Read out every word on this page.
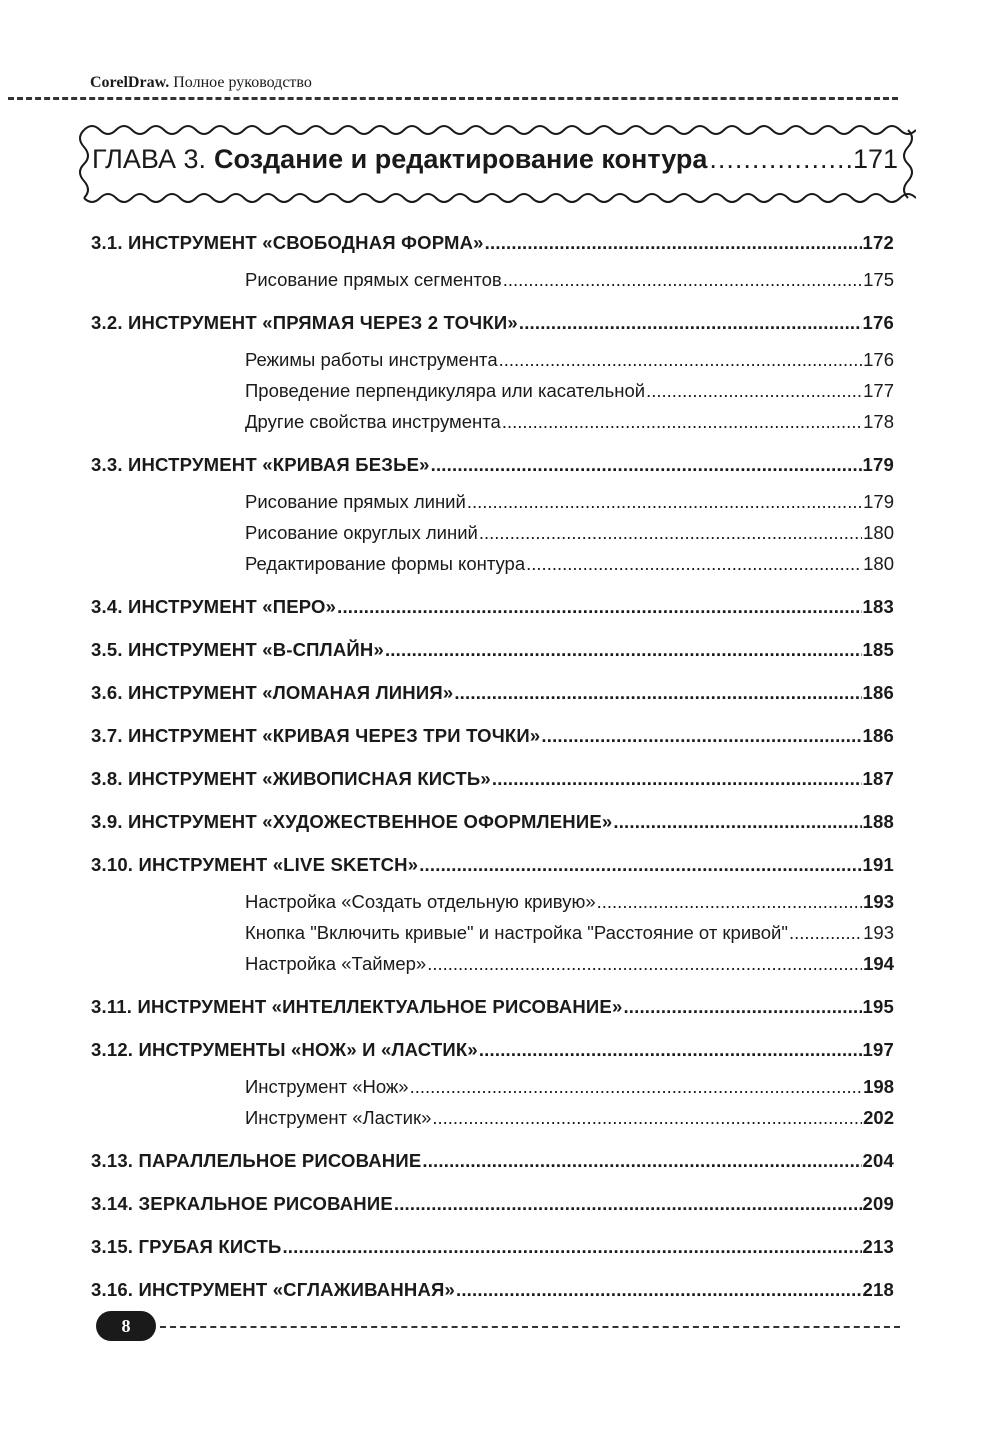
CorelDraw. Полное руководство
ГЛАВА 3. Создание и редактирование контура .....	171
3.1. ИНСТРУМЕНТ «СВОБОДНАЯ ФОРМА» .....	172
Рисование прямых сегментов .....	175
3.2. ИНСТРУМЕНТ «ПРЯМАЯ ЧЕРЕЗ 2 ТОЧКИ» .....	176
Режимы работы инструмента .....	176
Проведение перпендикуляра или касательной .....	177
Другие свойства инструмента .....	178
3.3. ИНСТРУМЕНТ «КРИВАЯ БЕЗЬЕ» .....	179
Рисование прямых линий .....	179
Рисование округлых линий .....	180
Редактирование формы контура .....	180
3.4. ИНСТРУМЕНТ «ПЕРО» .....	183
3.5. ИНСТРУМЕНТ «B-СПЛАЙН» .....	185
3.6. ИНСТРУМЕНТ «ЛОМАНАЯ ЛИНИЯ» .....	186
3.7. ИНСТРУМЕНТ «КРИВАЯ ЧЕРЕЗ ТРИ ТОЧКИ» .....	186
3.8. ИНСТРУМЕНТ «ЖИВОПИСНАЯ КИСТЬ» .....	187
3.9. ИНСТРУМЕНТ «ХУДОЖЕСТВЕННОЕ ОФОРМЛЕНИЕ» .....	188
3.10. ИНСТРУМЕНТ «LIVE SKETCH» .....	191
Настройка «Создать отдельную кривую» .....	193
Кнопка "Включить кривые" и настройка "Расстояние от кривой" .....	193
Настройка «Таймер» .....	194
3.11. ИНСТРУМЕНТ «ИНТЕЛЛЕКТУАЛЬНОЕ РИСОВАНИЕ» .....	195
3.12. ИНСТРУМЕНТЫ «НОЖ» И «ЛАСТИК» .....	197
Инструмент «Нож» .....	198
Инструмент «Ластик» .....	202
3.13. ПАРАЛЛЕЛЬНОЕ РИСОВАНИЕ .....	204
3.14. ЗЕРКАЛЬНОЕ РИСОВАНИЕ .....	209
3.15. ГРУБАЯ КИСТЬ .....	213
3.16. ИНСТРУМЕНТ «СГЛАЖИВАННАЯ» .....	218
8
